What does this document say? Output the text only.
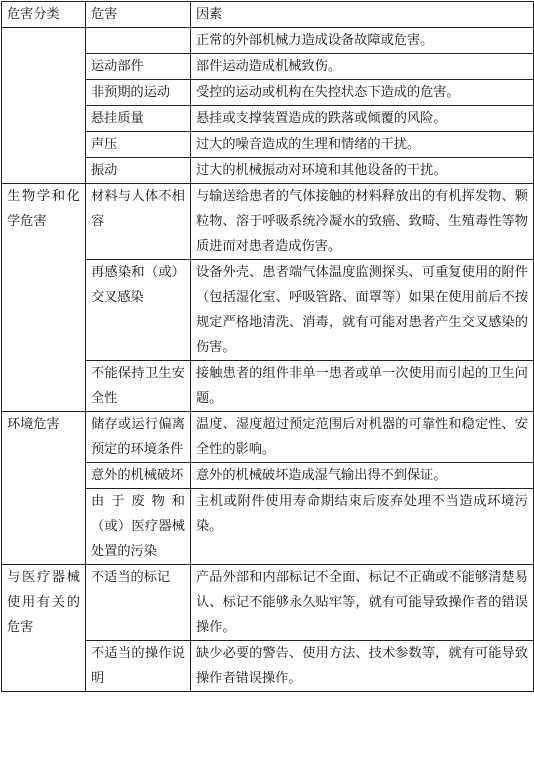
危害分类	危害	因素
		正常的外部机械力造成设备故障或危害。
	运动部件	部件运动造成机械致伤。
	非预期的运动	受控的运动或机构在失控状态下造成的危害。
	悬挂质量	悬挂或支撑装置造成的跌落或倾覆的风险。
	声压	过大的噪音造成的生理和情绪的干扰。
	振动	过大的机械振动对环境和其他设备的干扰。
生物学和化学危害	材料与人体不相容	与输送给患者的气体接触的材料释放出的有机挥发物、颗粒物、溶于呼吸系统冷凝水的致癌、致畸、生殖毒性等物质进而对患者造成伤害。
	再感染和（或）交叉感染	设备外壳、患者端气体温度监测探头、可重复使用的附件（包括湿化室、呼吸管路、面罩等）如果在使用前后不按规定严格地清洗、消毒，就有可能对患者产生交叉感染的伤害。
	不能保持卫生安全性	接触患者的组件非单一患者或单一次使用而引起的卫生问题。
环境危害	储存或运行偏离预定的环境条件	温度、湿度超过预定范围后对机器的可靠性和稳定性、安全性的影响。
	意外的机械破坏	意外的机械破坏造成湿气输出得不到保证。
	由于废物和（或）医疗器械处置的污染	主机或附件使用寿命期结束后废弃处理不当造成环境污染。
与医疗器械使用有关的危害	不适当的标记	产品外部和内部标记不全面、标记不正确或不能够清楚易认、标记不能够永久贴牢等，就有可能导致操作者的错误操作。
	不适当的操作说明	缺少必要的警告、使用方法、技术参数等，就有可能导致操作者错误操作。
